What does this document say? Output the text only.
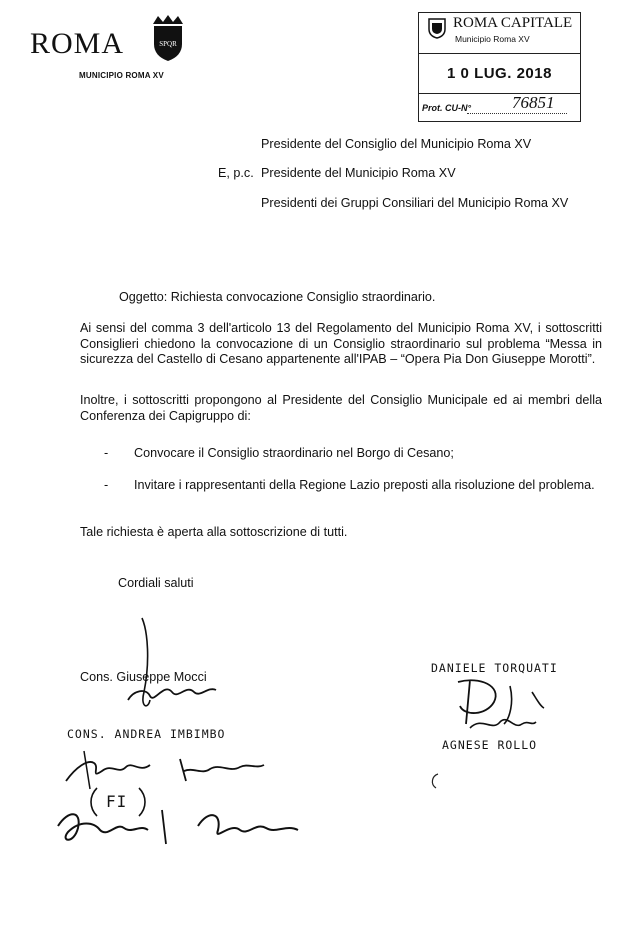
ROMA	SPQR
MUNICIPIO ROMA XV
ROMA CAPITALE
Municipio Roma XV
1 0 LUG. 2018
Prot. CU-N° 76851
Presidente del Consiglio del Municipio Roma XV
E, p.c. Presidente del Municipio Roma XV
Presidenti dei Gruppi Consiliari del Municipio Roma XV
Oggetto: Richiesta convocazione Consiglio straordinario.
Ai sensi del comma 3 dell'articolo 13 del Regolamento del Municipio Roma XV, i sottoscritti Consiglieri chiedono la convocazione di un Consiglio straordinario sul problema “Messa in sicurezza del Castello di Cesano appartenente all'IPAB – “Opera Pia Don Giuseppe Morotti”.
Inoltre, i sottoscritti propongono al Presidente del Consiglio Municipale ed ai membri della Conferenza dei Capigruppo di:
- Convocare il Consiglio straordinario nel Borgo di Cesano;
- Invitare i rappresentanti della Regione Lazio preposti alla risoluzione del problema.
Tale richiesta è aperta alla sottoscrizione di tutti.
Cordiali saluti
Cons. Giuseppe Mocci
CONS. ANDREA IMBIMBO
FI
DANIELE TORQUATI
AGNESE ROLLO
